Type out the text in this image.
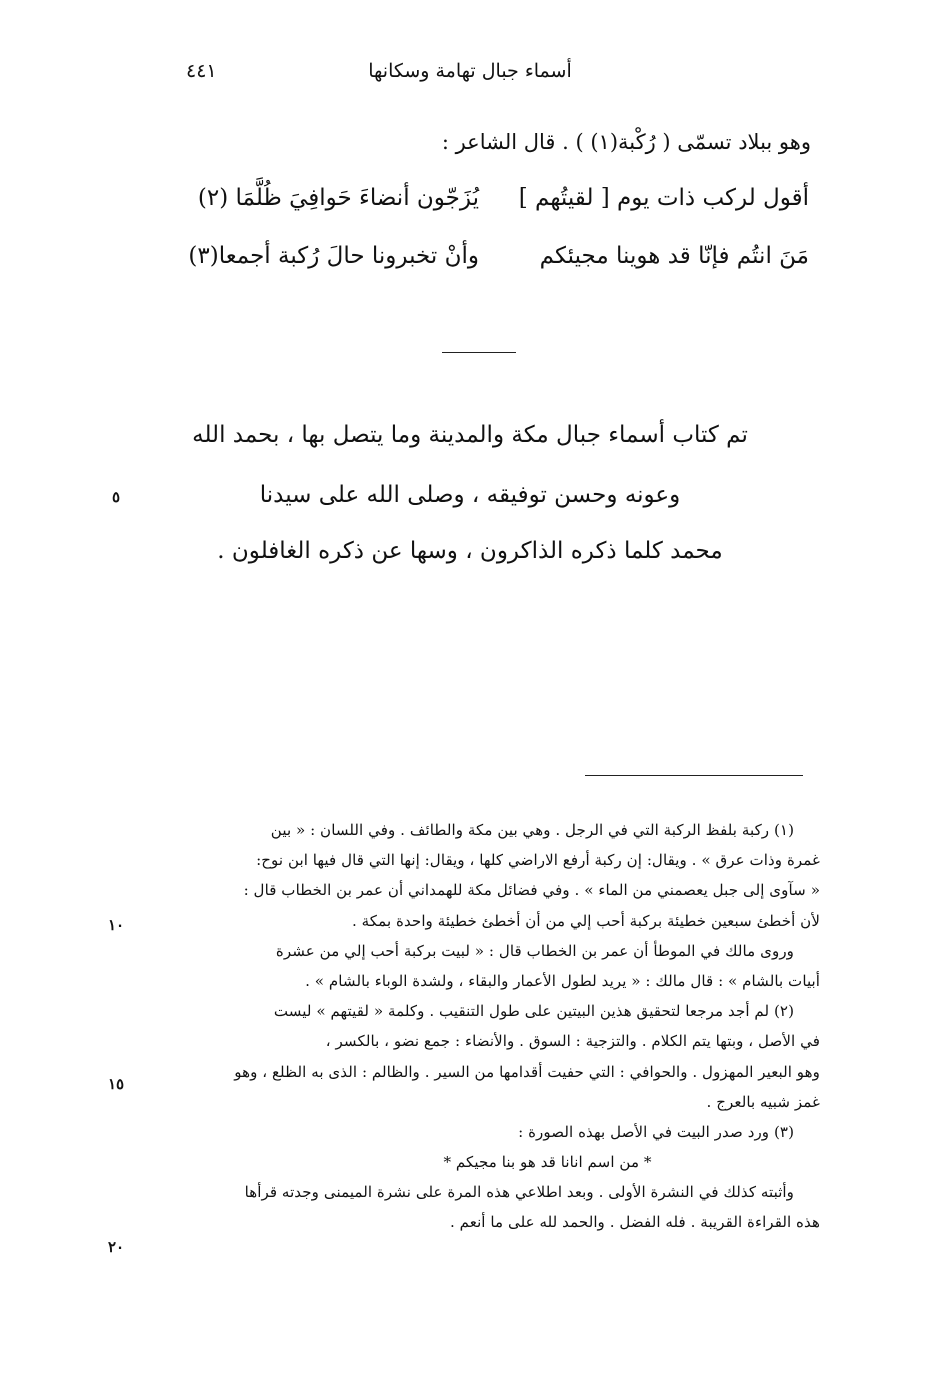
أسماء جبال تهامة وسكانها
٤٤١
وهو ببلاد تسمّى ( رُكْبة(١) ) . قال الشاعر :
أقول لركب ذات يوم [ لقيتُهم ]
يُزَجّون أنضاءَ حَوافِيَ ظُلَّمَا (٢)
مَنَ انتُم فإنّا قد هوينا مجيئكم
وأنْ تخبرونا حالَ رُكبة أجمعا(٣)
تم كتاب أسماء جبال مكة والمدينة وما يتصل بها ، بحمد الله
وعونه وحسن توفيقه ، وصلى الله على سيدنا
محمد كلما ذكره الذاكرون ، وسها عن ذكره الغافلون .
٥
١٠
١٥
٢٠
(١) ركبة بلفظ الركبة التي في الرجل . وهي بين مكة والطائف . وفي اللسان : « بين
غمرة وذات عرق » . ويقال: إن ركبة أرفع الاراضي كلها ، ويقال: إنها التي قال فيها ابن نوح:
« سآوى إلى جبل يعصمني من الماء » . وفي فضائل مكة للهمداني أن عمر بن الخطاب قال :
لأن أخطئ سبعين خطيئة بركبة أحب إلي من أن أخطئ خطيئة واحدة بمكة .
وروى مالك في الموطأ أن عمر بن الخطاب قال : « لبيت بركبة أحب إلي من عشرة
أبيات بالشام » : قال مالك : « يريد لطول الأعمار والبقاء ، ولشدة الوباء بالشام » .
(٢) لم أجد مرجعا لتحقيق هذين البيتين على طول التنقيب . وكلمة « لقيتهم » ليست
في الأصل ، وبتها يتم الكلام . والتزجية : السوق . والأنضاء : جمع نضو ، بالكسر ،
وهو البعير المهزول . والحوافي : التي حفيت أقدامها من السير . والظالم : الذى به الظلع ، وهو
غمز شبيه بالعرج .
(٣) ورد صدر البيت في الأصل بهذه الصورة :
* من اسم انانا قد هو بنا مجيكم *
وأثبته كذلك في النشرة الأولى . وبعد اطلاعي هذه المرة على نشرة الميمنى وجدته قرأها
هذه القراءة القريبة . فله الفضل . والحمد لله على ما أنعم .
